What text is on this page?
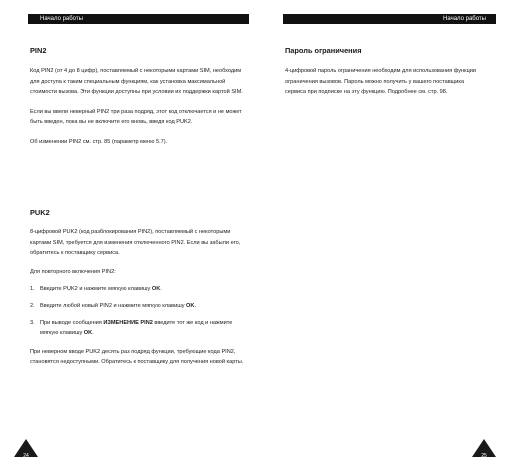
Начало работы	Начало работы
PIN2

Код PIN2 (от 4 до 8 цифр), поставляемый с некоторыми картами SIM, необходим для доступа к таким специальным функциям, как установка максимальной стоимости вызова. Эти функции доступны при условии их поддержки картой SIM.

Если вы ввели неверный PIN2 три раза подряд, этот код отключается и не может быть введен, пока вы не включите его вновь, введя код PUK2.

Об изменении PIN2 см. стр. 85 (параметр меню 5.7).

PUK2

8-цифровой PUK2 (код разблокирования PIN2), поставляемый с некоторыми картами SIM, требуется для изменения отключенного PIN2. Если вы забыли его, обратитесь к поставщику сервиса.

Для повторного включения PIN2:

1. Введите PUK2 и нажмите мягкую клавишу OK.
2. Введите любой новый PIN2 и нажмите мягкую клавишу OK.
3. При выводе сообщения ИЗМЕНЕНИЕ PIN2 введите тот же код и нажмите мягкую клавишу OK.

При неверном вводе PUK2 десять раз подряд функции, требующие кода PIN2, становятся недоступными. Обратитесь к поставщику для получения новой карты.

Пароль ограничения

4-цифровой пароль ограничения необходим для использования функции ограничения вызовов. Пароль можно получить у вашего поставщика сервиса при подписке на эту функцию. Подробнее см. стр. 98.

24	25
